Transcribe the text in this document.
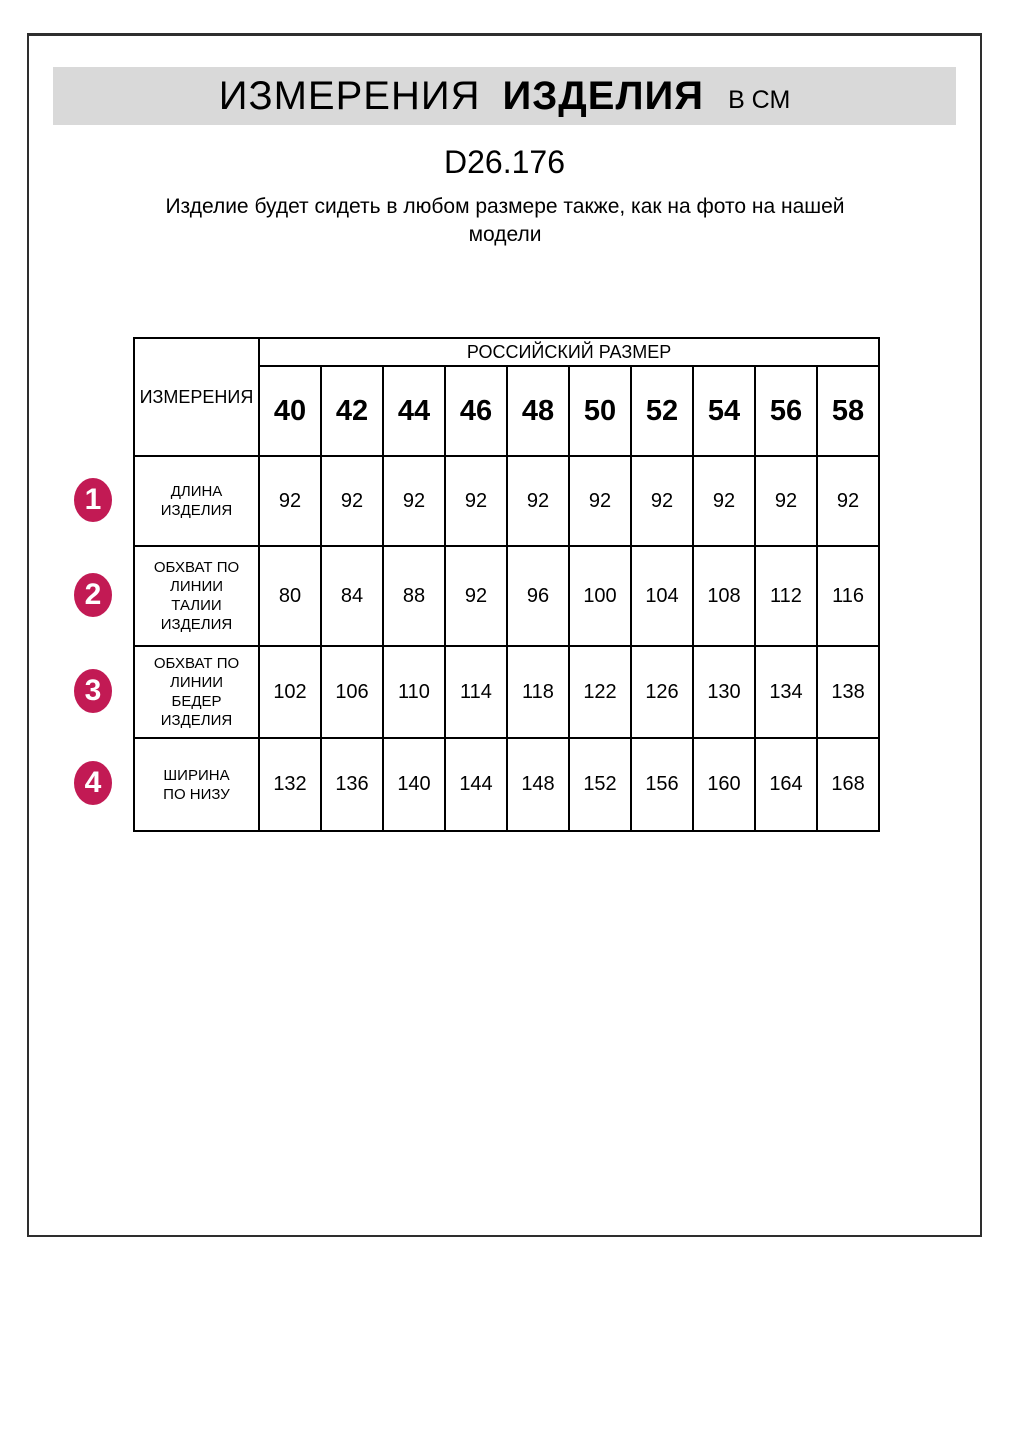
ИЗМЕРЕНИЯ ИЗДЕЛИЯ В СМ
D26.176
Изделие будет сидеть в любом размере также, как на фото на нашей модели
ИЗМЕРЕНИЯ	РОССИЙСКИЙ РАЗМЕР									
	40	42	44	46	48	50	52	54	56	58
ДЛИНА ИЗДЕЛИЯ	92	92	92	92	92	92	92	92	92	92
ОБХВАТ ПО ЛИНИИ ТАЛИИ ИЗДЕЛИЯ	80	84	88	92	96	100	104	108	112	116
ОБХВАТ ПО ЛИНИИ БЕДЕР ИЗДЕЛИЯ	102	106	110	114	118	122	126	130	134	138
ШИРИНА ПО НИЗУ	132	136	140	144	148	152	156	160	164	168
1
2
3
4
